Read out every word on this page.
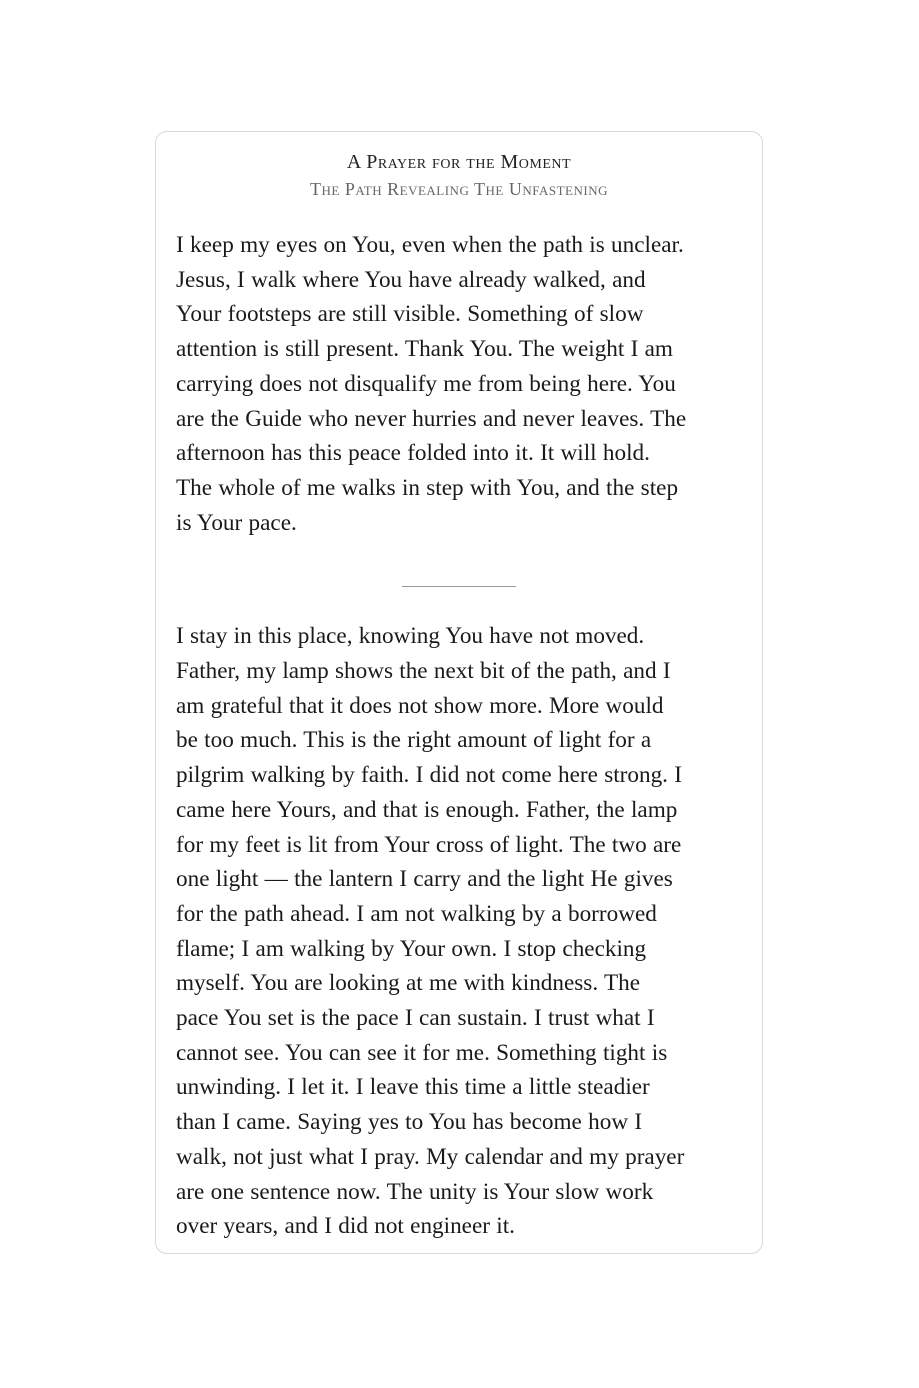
A Prayer for the Moment
The Path Revealing The Unfastening
I keep my eyes on You, even when the path is unclear.
Jesus, I walk where You have already walked, and
Your footsteps are still visible. Something of slow
attention is still present. Thank You. The weight I am
carrying does not disqualify me from being here. You
are the Guide who never hurries and never leaves. The
afternoon has this peace folded into it. It will hold.
The whole of me walks in step with You, and the step
is Your pace.
I stay in this place, knowing You have not moved.
Father, my lamp shows the next bit of the path, and I
am grateful that it does not show more. More would
be too much. This is the right amount of light for a
pilgrim walking by faith. I did not come here strong. I
came here Yours, and that is enough. Father, the lamp
for my feet is lit from Your cross of light. The two are
one light — the lantern I carry and the light He gives
for the path ahead. I am not walking by a borrowed
flame; I am walking by Your own. I stop checking
myself. You are looking at me with kindness. The
pace You set is the pace I can sustain. I trust what I
cannot see. You can see it for me. Something tight is
unwinding. I let it. I leave this time a little steadier
than I came. Saying yes to You has become how I
walk, not just what I pray. My calendar and my prayer
are one sentence now. The unity is Your slow work
over years, and I did not engineer it.
